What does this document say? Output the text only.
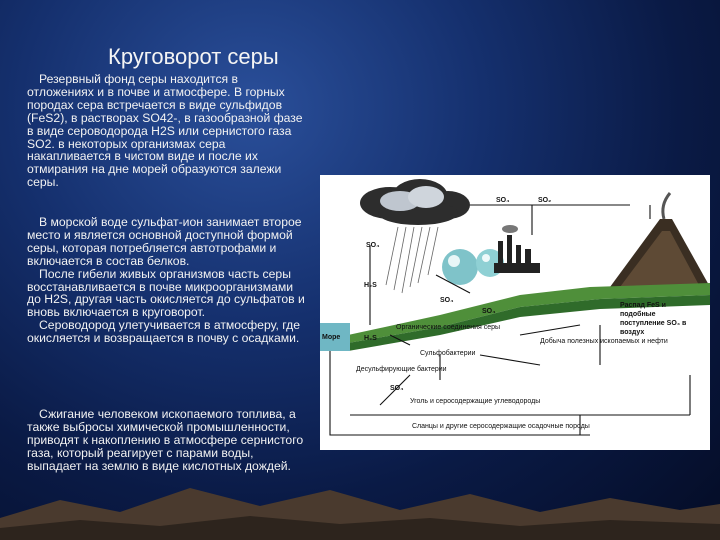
Круговорот серы

Резервный фонд серы находится в отложениях и в почве и атмосфере. В горных породах сера встречается в виде сульфидов (FeS2), в растворах SO42-, в газообразной фазе в виде сероводорода H2S или сернистого газа SO2. в некоторых организмах сера накапливается в чистом виде и после их отмирания на дне морей образуются залежи серы.

В морской воде сульфат-ион занимает второе место и является основной доступной формой серы, которая потребляется автотрофами и включается в состав белков.

После гибели живых организмов часть серы восстанавливается в почве микроорганизмами до H2S, другая часть окисляется до сульфатов и вновь включается в круговорот.

Сероводород улетучивается в атмосферу, где окисляется и возвращается в почву с осадками.

Сжигание человеком ископаемого топлива, а также выбросы химической промышленности, приводят к накоплению в атмосфере сернистого газа, который реагирует с парами воды, выпадает на землю в виде кислотных дождей.

SO₄	SO₂
SO₄
H₂S
SO₄
SO₄
Море	H₂S
Органические соединения серы
Сульфобактерии
Десульфирующие бактерии
SO₄
Добыча полезных ископаемых и нефти
Распад FeS и
подобные
поступление SO₄ в
воздух
Уголь и серосодержащие углеводороды
Сланцы и другие серосодержащие осадочные породы
